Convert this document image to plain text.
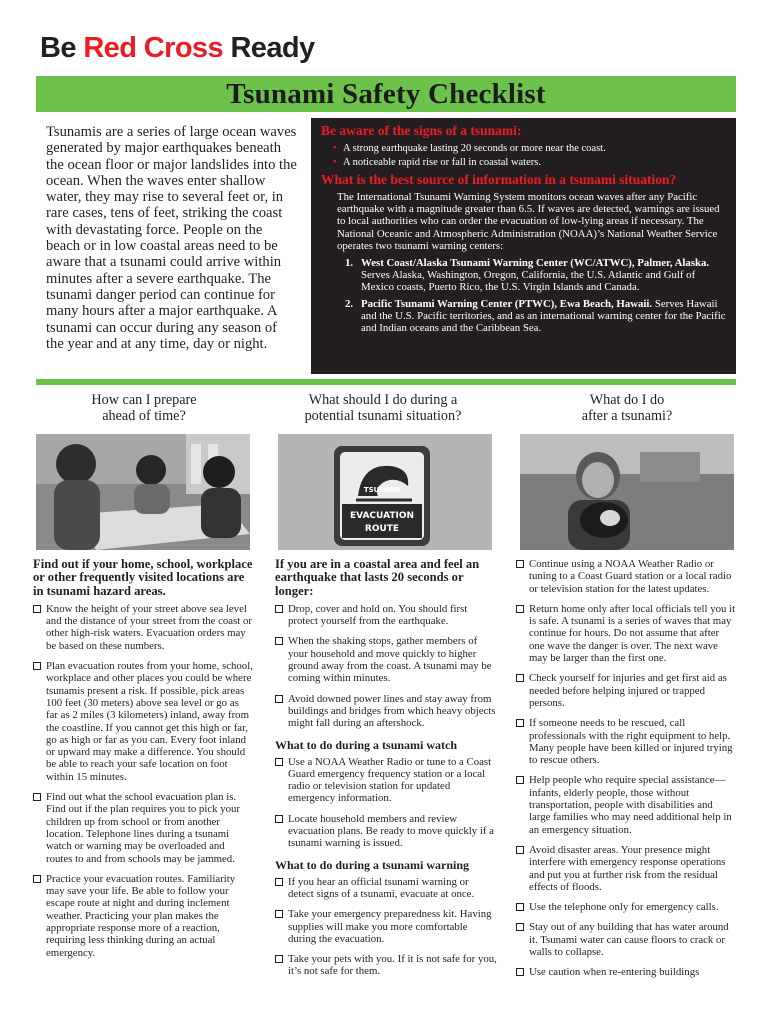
Be Red Cross Ready
Tsunami Safety Checklist

Tsunamis are a series of large ocean waves generated by major earthquakes beneath the ocean floor or major landslides into the ocean. When the waves enter shallow water, they may rise to several feet or, in rare cases, tens of feet, striking the coast with devastating force. People on the beach or in low coastal areas need to be aware that a tsunami could arrive within minutes after a severe earthquake. The tsunami danger period can continue for many hours after a major earthquake. A tsunami can occur during any season of the year and at any time, day or night.

Be aware of the signs of a tsunami:
• A strong earthquake lasting 20 seconds or more near the coast.
• A noticeable rapid rise or fall in coastal waters.
What is the best source of information in a tsunami situation?

The International Tsunami Warning System monitors ocean waves after any Pacific earthquake with a magnitude greater than 6.5. If waves are detected, warnings are issued to local authorities who can order the evacuation of low-lying areas if necessary. The National Oceanic and Atmospheric Administration (NOAA)’s National Weather Service operates two tsunami warning centers:

1. West Coast/Alaska Tsunami Warning Center (WC/ATWC), Palmer, Alaska. Serves Alaska, Washington, Oregon, California, the U.S. Atlantic and Gulf of Mexico coasts, Puerto Rico, the U.S. Virgin Islands and Canada.
2. Pacific Tsunami Warning Center (PTWC), Ewa Beach, Hawaii. Serves Hawaii and the U.S. Pacific territories, and as an international warning center for the Pacific and Indian oceans and the Caribbean Sea.
How can I prepare
ahead of time?
Find out if your home, school, workplace or other frequently visited locations are in tsunami hazard areas.
Know the height of your street above sea level and the distance of your street from the coast or other high-risk waters. Evacuation orders may be based on these numbers.
Plan evacuation routes from your home, school, workplace and other places you could be where tsunamis present a risk. If possible, pick areas 100 feet (30 meters) above sea level or go as far as 2 miles (3 kilometers) inland, away from the coastline. If you cannot get this high or far, go as high or far as you can. Every foot inland or upward may make a difference. You should be able to reach your safe location on foot within 15 minutes.
Find out what the school evacuation plan is. Find out if the plan requires you to pick your children up from school or from another location. Telephone lines during a tsunami watch or warning may be overloaded and routes to and from schools may be jammed.
Practice your evacuation routes. Familiarity may save your life. Be able to follow your escape route at night and during inclement weather. Practicing your plan makes the appropriate response more of a reaction, requiring less thinking during an actual emergency.
What should I do during a
potential tsunami situation?
TSUNAMI
EVACUATION
ROUTE
If you are in a coastal area and feel an earthquake that lasts 20 seconds or longer:
Drop, cover and hold on. You should first protect yourself from the earthquake.
When the shaking stops, gather members of your household and move quickly to higher ground away from the coast. A tsunami may be coming within minutes.
Avoid downed power lines and stay away from buildings and bridges from which heavy objects might fall during an aftershock.
What to do during a tsunami watch
Use a NOAA Weather Radio or tune to a Coast Guard emergency frequency station or a local radio or television station for updated emergency information.
Locate household members and review evacuation plans. Be ready to move quickly if a tsunami warning is issued.
What to do during a tsunami warning
If you hear an official tsunami warning or detect signs of a tsunami, evacuate at once.
Take your emergency preparedness kit. Having supplies will make you more comfortable during the evacuation.
Take your pets with you. If it is not safe for you, it’s not safe for them.
What do I do
after a tsunami?
Continue using a NOAA Weather Radio or tuning to a Coast Guard station or a local radio or television station for the latest updates.
Return home only after local officials tell you it is safe. A tsunami is a series of waves that may continue for hours. Do not assume that after one wave the danger is over. The next wave may be larger than the first one.
Check yourself for injuries and get first aid as needed before helping injured or trapped persons.
If someone needs to be rescued, call professionals with the right equipment to help. Many people have been killed or injured trying to rescue others.
Help people who require special assistance—infants, elderly people, those without transportation, people with disabilities and large families who may need additional help in an emergency situation.
Avoid disaster areas. Your presence might interfere with emergency response operations and put you at further risk from the residual effects of floods.
Use the telephone only for emergency calls.
Stay out of any building that has water around it. Tsunami water can cause floors to crack or walls to collapse.
Use caution when re-entering buildings
